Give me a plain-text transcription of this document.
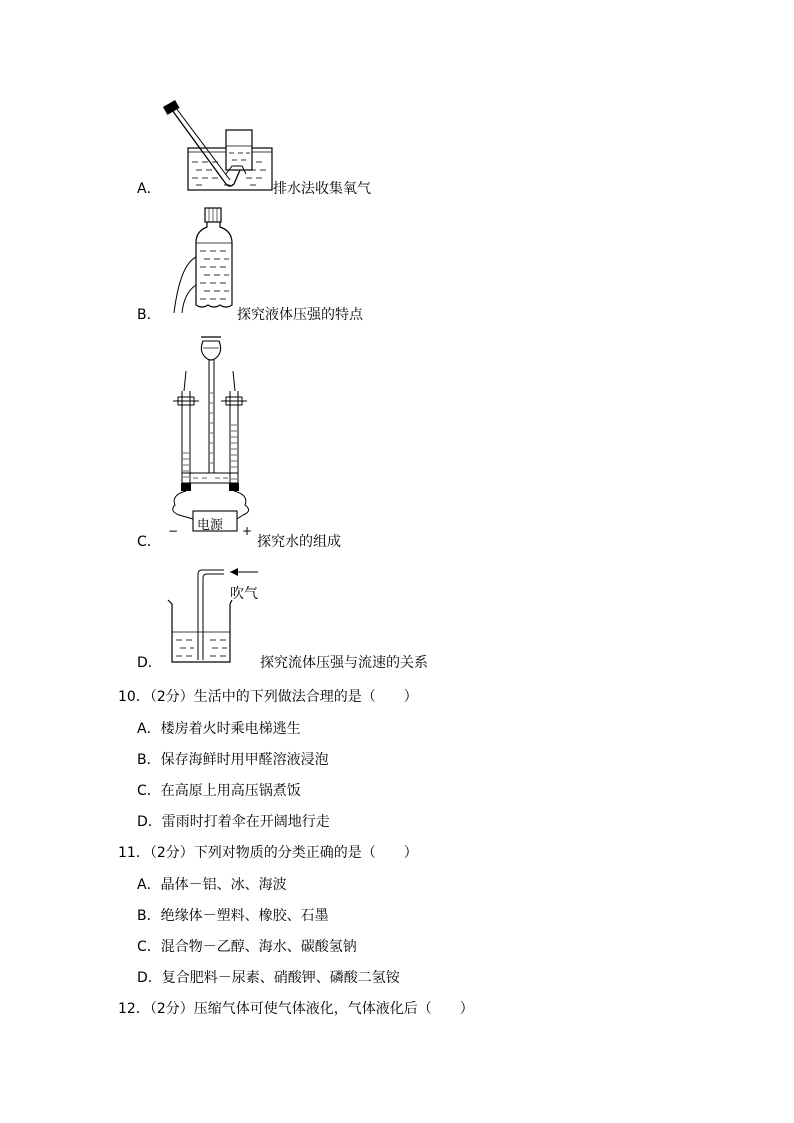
A．	排水法收集氧气
B．	探究液体压强的特点
C．
电源
−	+
探究水的组成
D．
吹气
探究流体压强与流速的关系
10．（2分）生活中的下列做法合理的是（　　）
A．楼房着火时乘电梯逃生
B．保存海鲜时用甲醛溶液浸泡
C．在高原上用高压锅煮饭
D．雷雨时打着伞在开阔地行走
11．（2分）下列对物质的分类正确的是（　　）
A．晶体－铝、冰、海波
B．绝缘体－塑料、橡胶、石墨
C．混合物－乙醇、海水、碳酸氢钠
D．复合肥料－尿素、硝酸钾、磷酸二氢铵
12．（2分）压缩气体可使气体液化，气体液化后（　　）
